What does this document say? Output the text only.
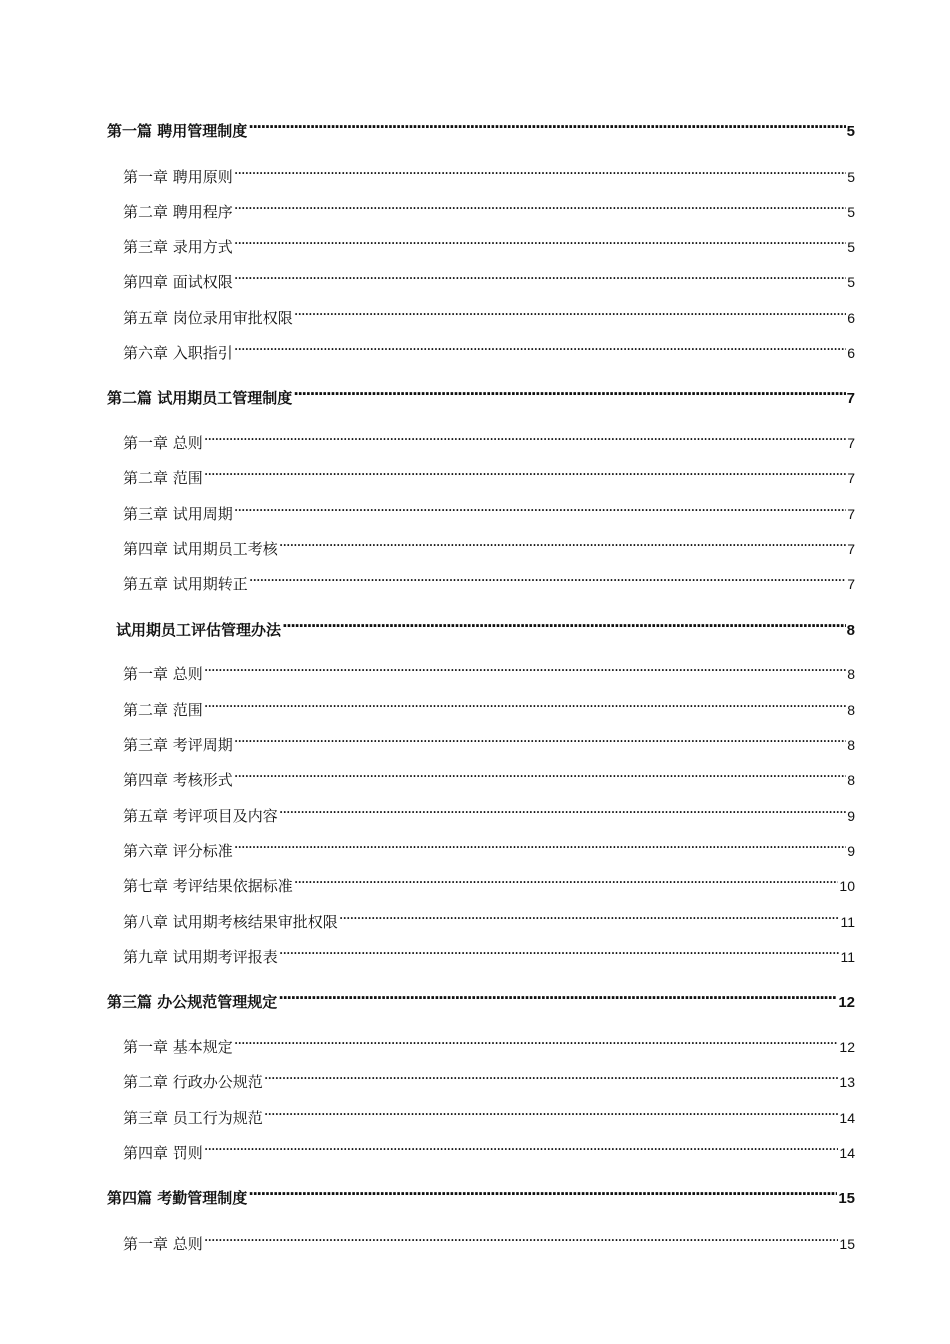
第一篇 聘用管理制度 ·····	5
第一章 聘用原则 ·····	5
第二章 聘用程序 ·····	5
第三章 录用方式 ·····	5
第四章 面试权限 ·····	5
第五章 岗位录用审批权限 ·····	6
第六章 入职指引 ·····	6
第二篇 试用期员工管理制度 ·····	7
第一章 总则 ·····	7
第二章 范围 ·····	7
第三章 试用周期 ·····	7
第四章 试用期员工考核 ·····	7
第五章 试用期转正 ·····	7
试用期员工评估管理办法 ·····	8
第一章 总则 ·····	8
第二章 范围 ·····	8
第三章 考评周期 ·····	8
第四章 考核形式 ·····	8
第五章 考评项目及内容 ·····	9
第六章 评分标准 ·····	9
第七章 考评结果依据标准 ·····	10
第八章 试用期考核结果审批权限 ·····	11
第九章 试用期考评报表 ·····	11
第三篇 办公规范管理规定 ·····	12
第一章 基本规定 ·····	12
第二章 行政办公规范 ·····	13
第三章 员工行为规范 ·····	14
第四章 罚则 ·····	14
第四篇 考勤管理制度 ·····	15
第一章 总则 ·····	15
